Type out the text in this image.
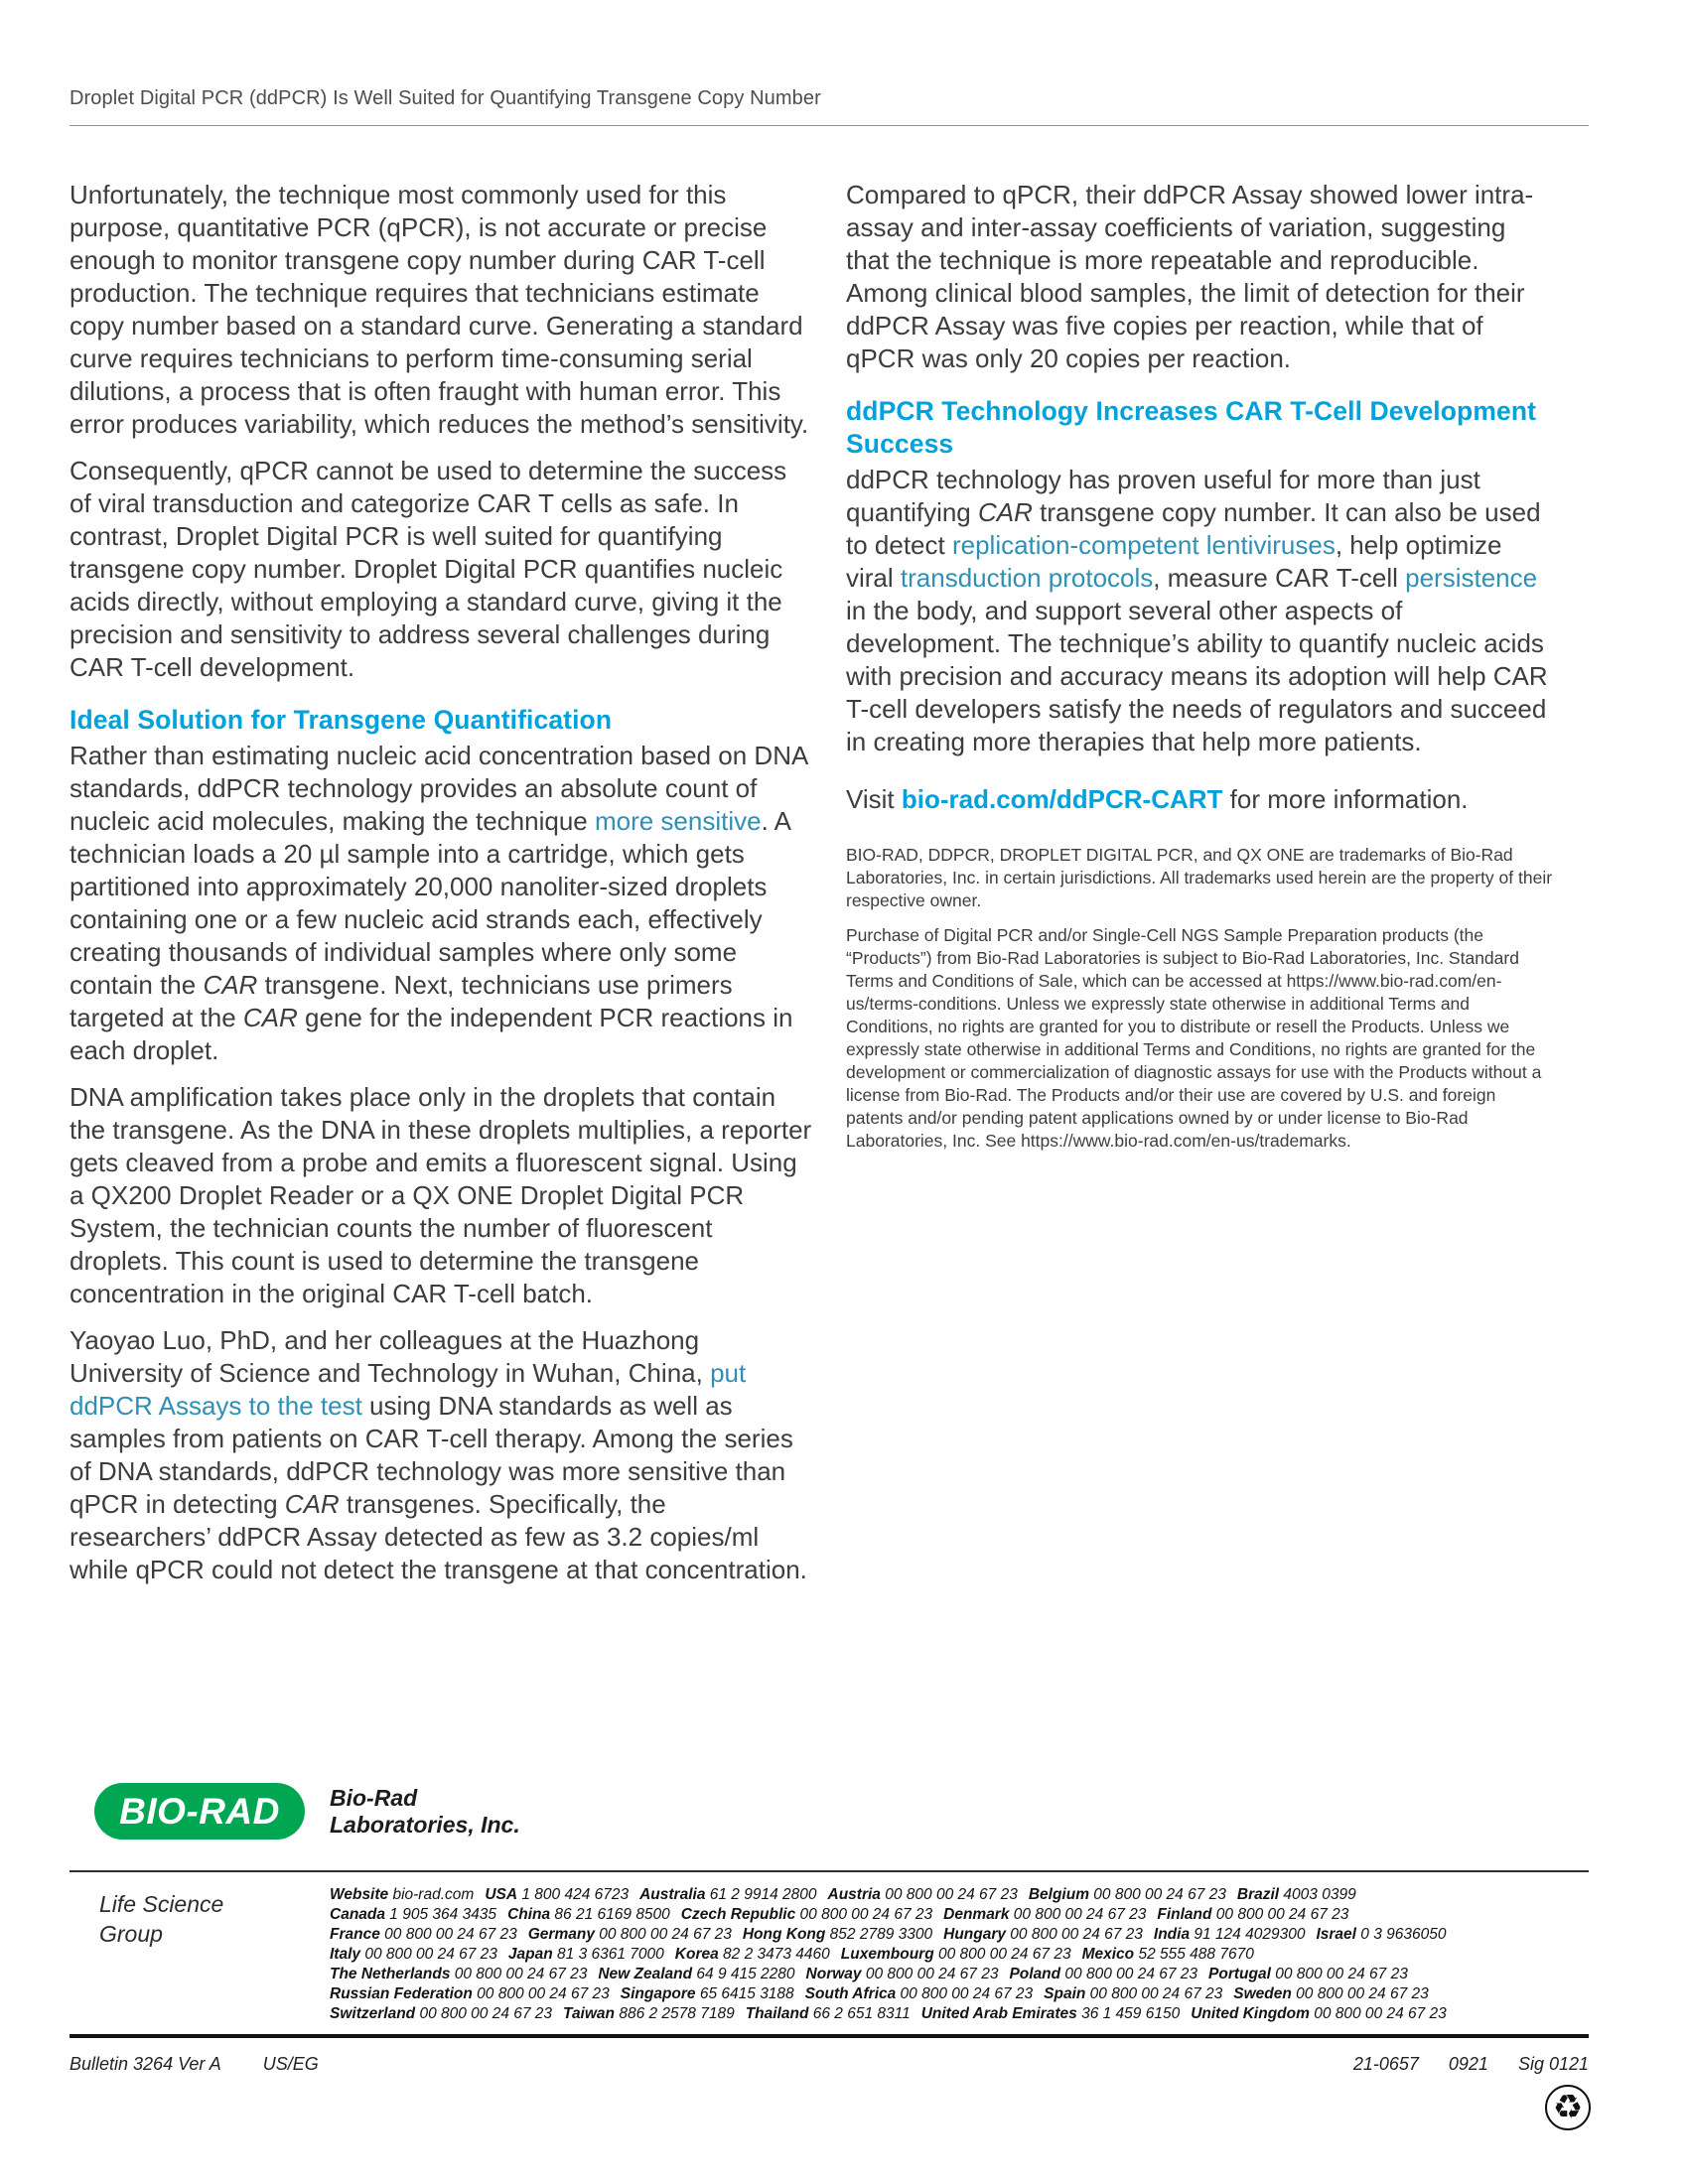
Droplet Digital PCR (ddPCR) Is Well Suited for Quantifying Transgene Copy Number

Unfortunately, the technique most commonly used for this purpose, quantitative PCR (qPCR), is not accurate or precise enough to monitor transgene copy number during CAR T-cell production. The technique requires that technicians estimate copy number based on a standard curve. Generating a standard curve requires technicians to perform time-consuming serial dilutions, a process that is often fraught with human error. This error produces variability, which reduces the method’s sensitivity.

Consequently, qPCR cannot be used to determine the success of viral transduction and categorize CAR T cells as safe. In contrast, Droplet Digital PCR is well suited for quantifying transgene copy number. Droplet Digital PCR quantifies nucleic acids directly, without employing a standard curve, giving it the precision and sensitivity to address several challenges during CAR T-cell development.

Ideal Solution for Transgene Quantification

Rather than estimating nucleic acid concentration based on DNA standards, ddPCR technology provides an absolute count of nucleic acid molecules, making the technique more sensitive. A technician loads a 20 µl sample into a cartridge, which gets partitioned into approximately 20,000 nanoliter-sized droplets containing one or a few nucleic acid strands each, effectively creating thousands of individual samples where only some contain the CAR transgene. Next, technicians use primers targeted at the CAR gene for the independent PCR reactions in each droplet.

DNA amplification takes place only in the droplets that contain the transgene. As the DNA in these droplets multiplies, a reporter gets cleaved from a probe and emits a fluorescent signal. Using a QX200 Droplet Reader or a QX ONE Droplet Digital PCR System, the technician counts the number of fluorescent droplets. This count is used to determine the transgene concentration in the original CAR T-cell batch.

Yaoyao Luo, PhD, and her colleagues at the Huazhong University of Science and Technology in Wuhan, China, put ddPCR Assays to the test using DNA standards as well as samples from patients on CAR T-cell therapy. Among the series of DNA standards, ddPCR technology was more sensitive than qPCR in detecting CAR transgenes. Specifically, the researchers’ ddPCR Assay detected as few as 3.2 copies/ml while qPCR could not detect the transgene at that concentration.

Compared to qPCR, their ddPCR Assay showed lower intra-assay and inter-assay coefficients of variation, suggesting that the technique is more repeatable and reproducible. Among clinical blood samples, the limit of detection for their ddPCR Assay was five copies per reaction, while that of qPCR was only 20 copies per reaction.

ddPCR Technology Increases CAR T-Cell Development Success

ddPCR technology has proven useful for more than just quantifying CAR transgene copy number. It can also be used to detect replication-competent lentiviruses, help optimize viral transduction protocols, measure CAR T-cell persistence in the body, and support several other aspects of development. The technique’s ability to quantify nucleic acids with precision and accuracy means its adoption will help CAR T-cell developers satisfy the needs of regulators and succeed in creating more therapies that help more patients.

Visit bio-rad.com/ddPCR-CART for more information.

BIO-RAD, DDPCR, DROPLET DIGITAL PCR, and QX ONE are trademarks of Bio-Rad Laboratories, Inc. in certain jurisdictions. All trademarks used herein are the property of their respective owner.

Purchase of Digital PCR and/or Single-Cell NGS Sample Preparation products (the “Products”) from Bio-Rad Laboratories is subject to Bio-Rad Laboratories, Inc. Standard Terms and Conditions of Sale, which can be accessed at https://www.bio-rad.com/en-us/terms-conditions. Unless we expressly state otherwise in additional Terms and Conditions, no rights are granted for you to distribute or resell the Products. Unless we expressly state otherwise in additional Terms and Conditions, no rights are granted for the development or commercialization of diagnostic assays for use with the Products without a license from Bio-Rad. The Products and/or their use are covered by U.S. and foreign patents and/or pending patent applications owned by or under license to Bio-Rad Laboratories, Inc. See https://www.bio-rad.com/en-us/trademarks.

BIO-RAD Bio-Rad
Laboratories, Inc.
Life Science
Group
Website bio-rad.com USA 1 800 424 6723 Australia 61 2 9914 2800 Austria 00 800 00 24 67 23 Belgium 00 800 00 24 67 23 Brazil 4003 0399
Canada 1 905 364 3435 China 86 21 6169 8500 Czech Republic 00 800 00 24 67 23 Denmark 00 800 00 24 67 23 Finland 00 800 00 24 67 23
France 00 800 00 24 67 23 Germany 00 800 00 24 67 23 Hong Kong 852 2789 3300 Hungary 00 800 00 24 67 23 India 91 124 4029300 Israel 0 3 9636050
Italy 00 800 00 24 67 23 Japan 81 3 6361 7000 Korea 82 2 3473 4460 Luxembourg 00 800 00 24 67 23 Mexico 52 555 488 7670
The Netherlands 00 800 00 24 67 23 New Zealand 64 9 415 2280 Norway 00 800 00 24 67 23 Poland 00 800 00 24 67 23 Portugal 00 800 00 24 67 23
Russian Federation 00 800 00 24 67 23 Singapore 65 6415 3188 South Africa 00 800 00 24 67 23 Spain 00 800 00 24 67 23 Sweden 00 800 00 24 67 23
Switzerland 00 800 00 24 67 23 Taiwan 886 2 2578 7189 Thailand 66 2 651 8311 United Arab Emirates 36 1 459 6150 United Kingdom 00 800 00 24 67 23
Bulletin 3264 Ver A US/EG	21-0657 0921 Sig 0121
♻
